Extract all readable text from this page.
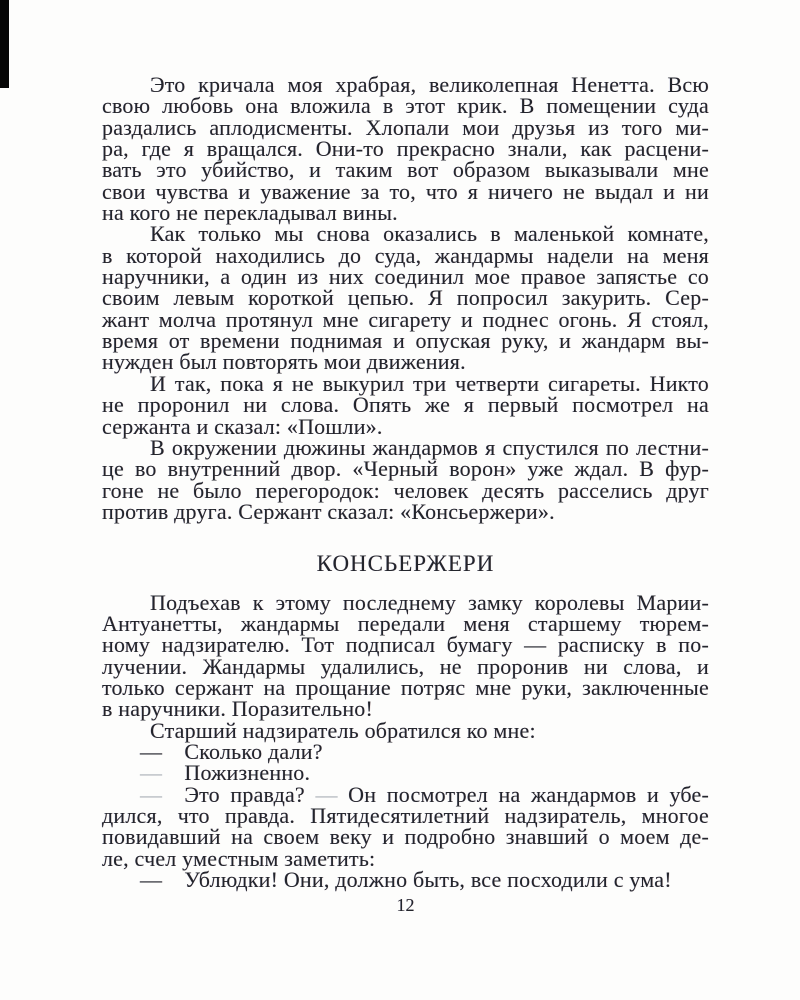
Это кричала моя храбрая, великолепная Ненетта. Всю
свою любовь она вложила в этот крик. В помещении суда
раздались аплодисменты. Хлопали мои друзья из того ми-
ра, где я вращался. Они-то прекрасно знали, как расцени-
вать это убийство, и таким вот образом выказывали мне
свои чувства и уважение за то, что я ничего не выдал и ни
на кого не перекладывал вины.
Как только мы снова оказались в маленькой комнате,
в которой находились до суда, жандармы надели на меня
наручники, а один из них соединил мое правое запястье со
своим левым короткой цепью. Я попросил закурить. Сер-
жант молча протянул мне сигарету и поднес огонь. Я стоял,
время от времени поднимая и опуская руку, и жандарм вы-
нужден был повторять мои движения.
И так, пока я не выкурил три четверти сигареты. Никто
не проронил ни слова. Опять же я первый посмотрел на
сержанта и сказал: «Пошли».
В окружении дюжины жандармов я спустился по лестни-
це во внутренний двор. «Черный ворон» уже ждал. В фур-
гоне не было перегородок: человек десять расселись друг
против друга. Сержант сказал: «Консьержери».
КОНСЬЕРЖЕРИ
Подъехав к этому последнему замку королевы Марии-
Антуанетты, жандармы передали меня старшему тюрем-
ному надзирателю. Тот подписал бумагу — расписку в по-
лучении. Жандармы удалились, не проронив ни слова, и
только сержант на прощание потряс мне руки, заключенные
в наручники. Поразительно!
Старший надзиратель обратился ко мне:
— Сколько дали?
— Пожизненно.
— Это правда? — Он посмотрел на жандармов и убе-
дился, что правда. Пятидесятилетний надзиратель, многое
повидавший на своем веку и подробно знавший о моем де-
ле, счел уместным заметить:
— Ублюдки! Они, должно быть, все посходили с ума!
12
